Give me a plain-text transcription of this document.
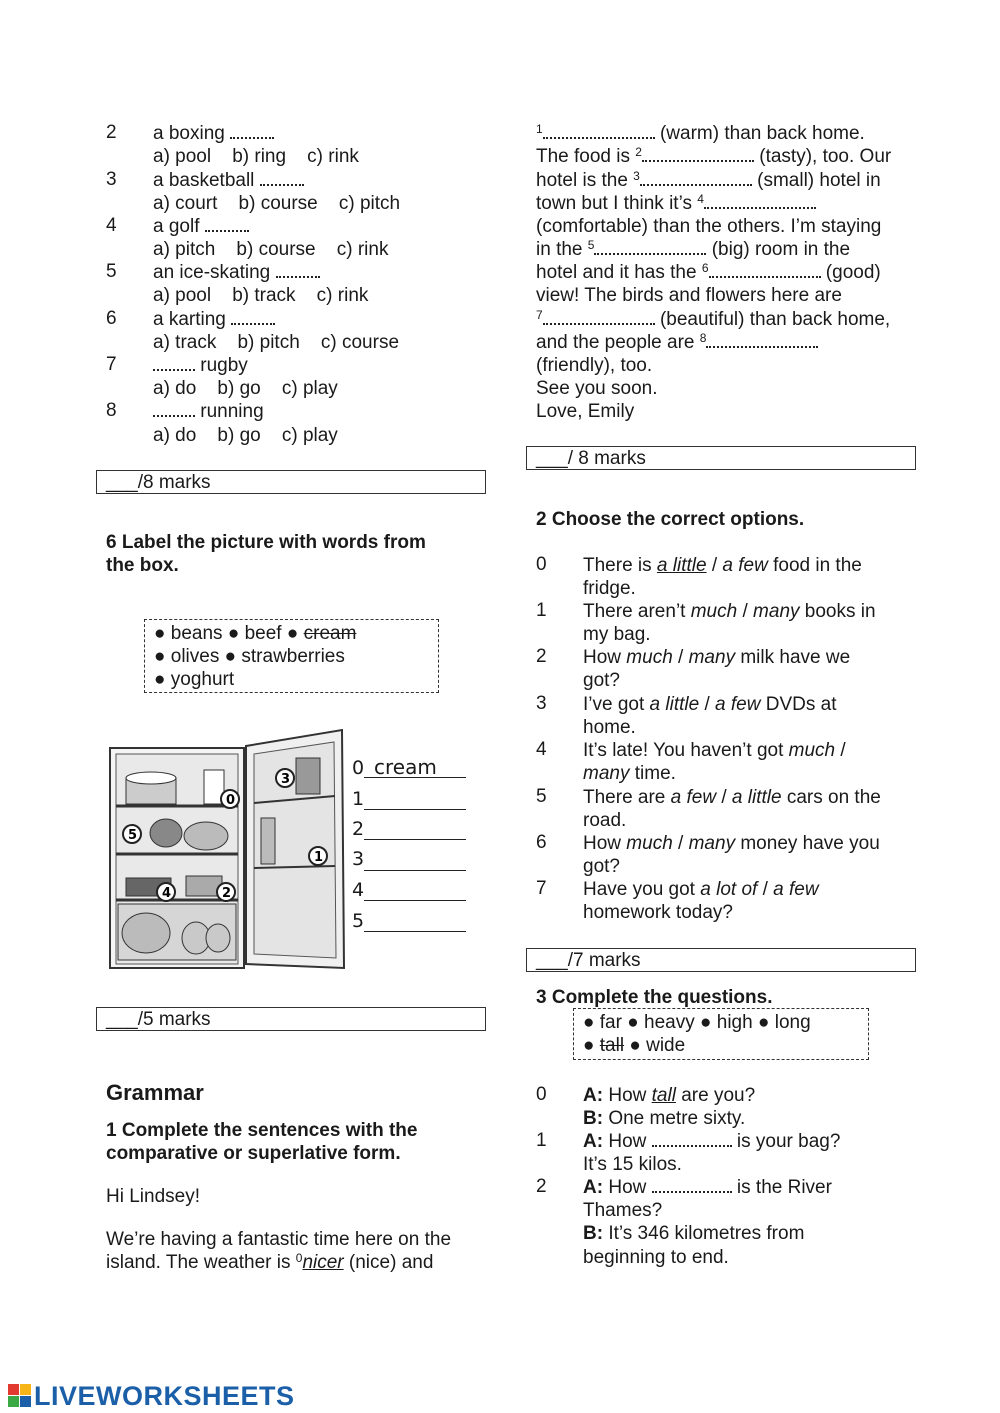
2	a boxing
a) pool    b) ring    c) rink
3	a basketball
a) court    b) course    c) pitch
4	a golf
a) pitch    b) course    c) rink
5	an ice-skating
a) pool    b) track    c) rink
6	a karting
a) track    b) pitch    c) course
7	rugby
a) do    b) go    c) play
8	running
a) do    b) go    c) play
___/8 marks
6 Label the picture with words from
the box.
● beans ● beef ● cream
● olives ● strawberries
● yoghurt
0
1
2
3
4
5
0 cream
1
2
3
4
5
___/5 marks
Grammar
1 Complete the sentences with the
comparative or superlative form.
Hi Lindsey!
We’re having a fantastic time here on the
island. The weather is $^0$nicer (nice) and
$^1$	(warm) than back home.
The food is $^2$	(tasty), too. Our
hotel is the $^3$	(small) hotel in
town but I think it’s $^4$
(comfortable) than the others. I’m staying
in the $^5$	(big) room in the
hotel and it has the $^6$	(good)
view! The birds and flowers here are
$^7$	(beautiful) than back home,
and the people are $^8$
(friendly), too.
See you soon.
Love, Emily
___/ 8 marks
2 Choose the correct options.
0	There is a little / a few food in the
fridge.
1	There aren’t much / many books in
my bag.
2	How much / many milk have we
got?
3	I’ve got a little / a few DVDs at
home.
4	It’s late! You haven’t got much /
many time.
5	There are a few / a little cars on the
road.
6	How much / many money have you
got?
7	Have you got a lot of / a few
homework today?
___/7 marks
3 Complete the questions.
● far ● heavy ● high ● long
● tall ● wide
0	A: How tall are you?
B: One metre sixty.
1	A: How	is your bag?
It’s 15 kilos.
2	A: How	is the River
Thames?
B: It’s 346 kilometres from
beginning to end.
LIVEWORKSHEETS
